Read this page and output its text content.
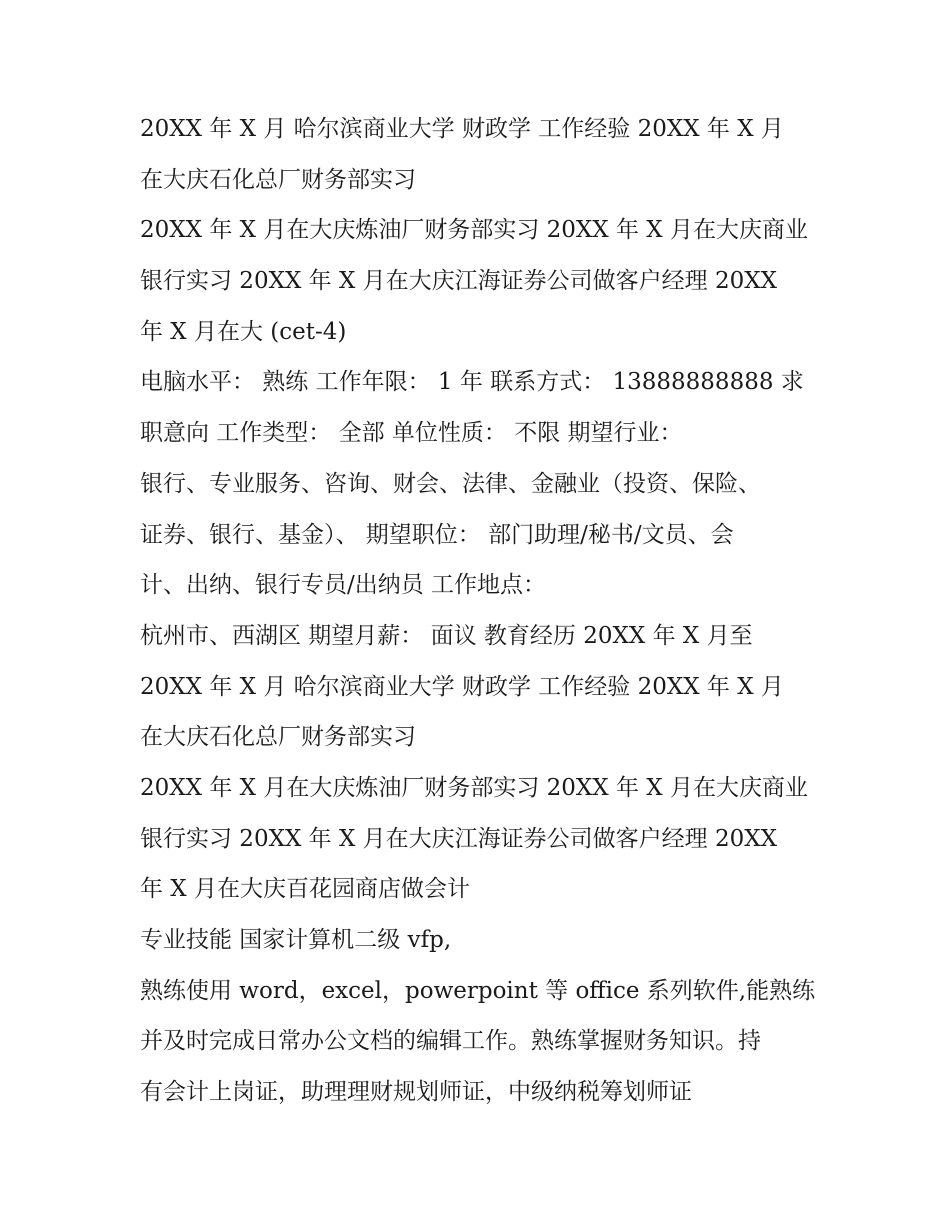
20XX 年 X 月 哈尔滨商业大学 财政学 工作经验 20XX 年 X 月
在大庆石化总厂财务部实习
20XX 年 X 月在大庆炼油厂财务部实习 20XX 年 X 月在大庆商业
银行实习 20XX 年 X 月在大庆江海证券公司做客户经理 20XX
年 X 月在大 (cet-4)
电脑水平： 熟练 工作年限： 1 年 联系方式： 13888888888 求
职意向 工作类型： 全部 单位性质： 不限 期望行业：
银行、专业服务、咨询、财会、法律、金融业（投资、保险、
证券、银行、基金）、 期望职位： 部门助理/秘书/文员、会
计、出纳、银行专员/出纳员 工作地点：
杭州市、西湖区 期望月薪： 面议 教育经历 20XX 年 X 月至
20XX 年 X 月 哈尔滨商业大学 财政学 工作经验 20XX 年 X 月
在大庆石化总厂财务部实习
20XX 年 X 月在大庆炼油厂财务部实习 20XX 年 X 月在大庆商业
银行实习 20XX 年 X 月在大庆江海证券公司做客户经理 20XX
年 X 月在大庆百花园商店做会计
专业技能 国家计算机二级 vfp,
熟练使用 word，excel，powerpoint 等 office 系列软件,能熟练
并及时完成日常办公文档的编辑工作。熟练掌握财务知识。持
有会计上岗证，助理理财规划师证，中级纳税筹划师证
